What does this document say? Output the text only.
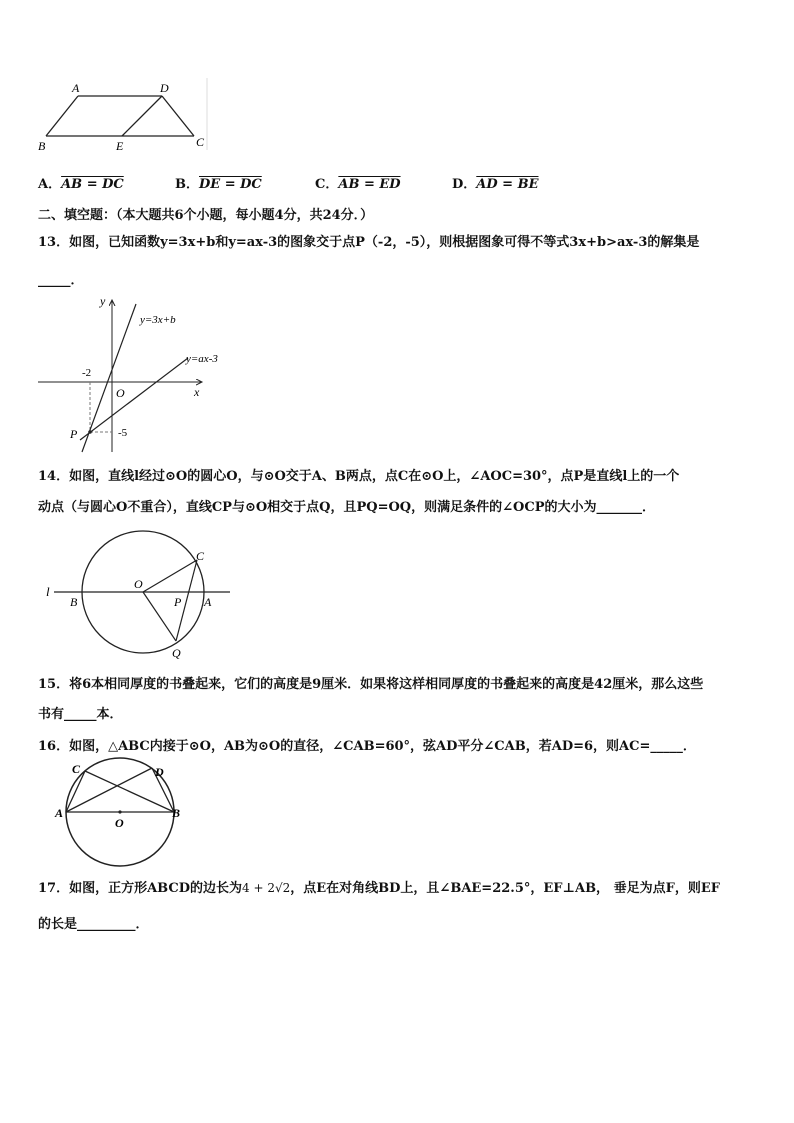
A	D
B	E	C
A．AB = DC	B．DE = DC	C．AB = ED	D．AD = BE
二、填空题：（本大题共6个小题，每小题4分，共24分．）
13．如图，已知函数y=3x+b和y=ax-3的图象交于点P（-2，-5），则根据图象可得不等式3x+b>ax-3的解集是
_____．
y
x
O
y=3x+b
y=ax-3
-2
-5
P
14．如图，直线l经过⊙O的圆心O，与⊙O交于A、B两点，点C在⊙O上，∠AOC=30°，点P是直线l上的一个
动点（与圆心O不重合），直线CP与⊙O相交于点Q，且PQ=OQ，则满足条件的∠OCP的大小为_______．
l
B
O
P A
C
Q
15．将6本相同厚度的书叠起来，它们的高度是9厘米．如果将这样相同厚度的书叠起来的高度是42厘米，那么这些
书有_____本．
16．如图，△ABC内接于⊙O，AB为⊙O的直径，∠CAB=60°，弦AD平分∠CAB，若AD=6，则AC=_____．
C	D
A
O
B
17．如图，正方形ABCD的边长为4 + 2√2，点E在对角线BD上，且∠BAE=22.5°，EF⊥AB， 垂足为点F，则EF
的长是_________．
